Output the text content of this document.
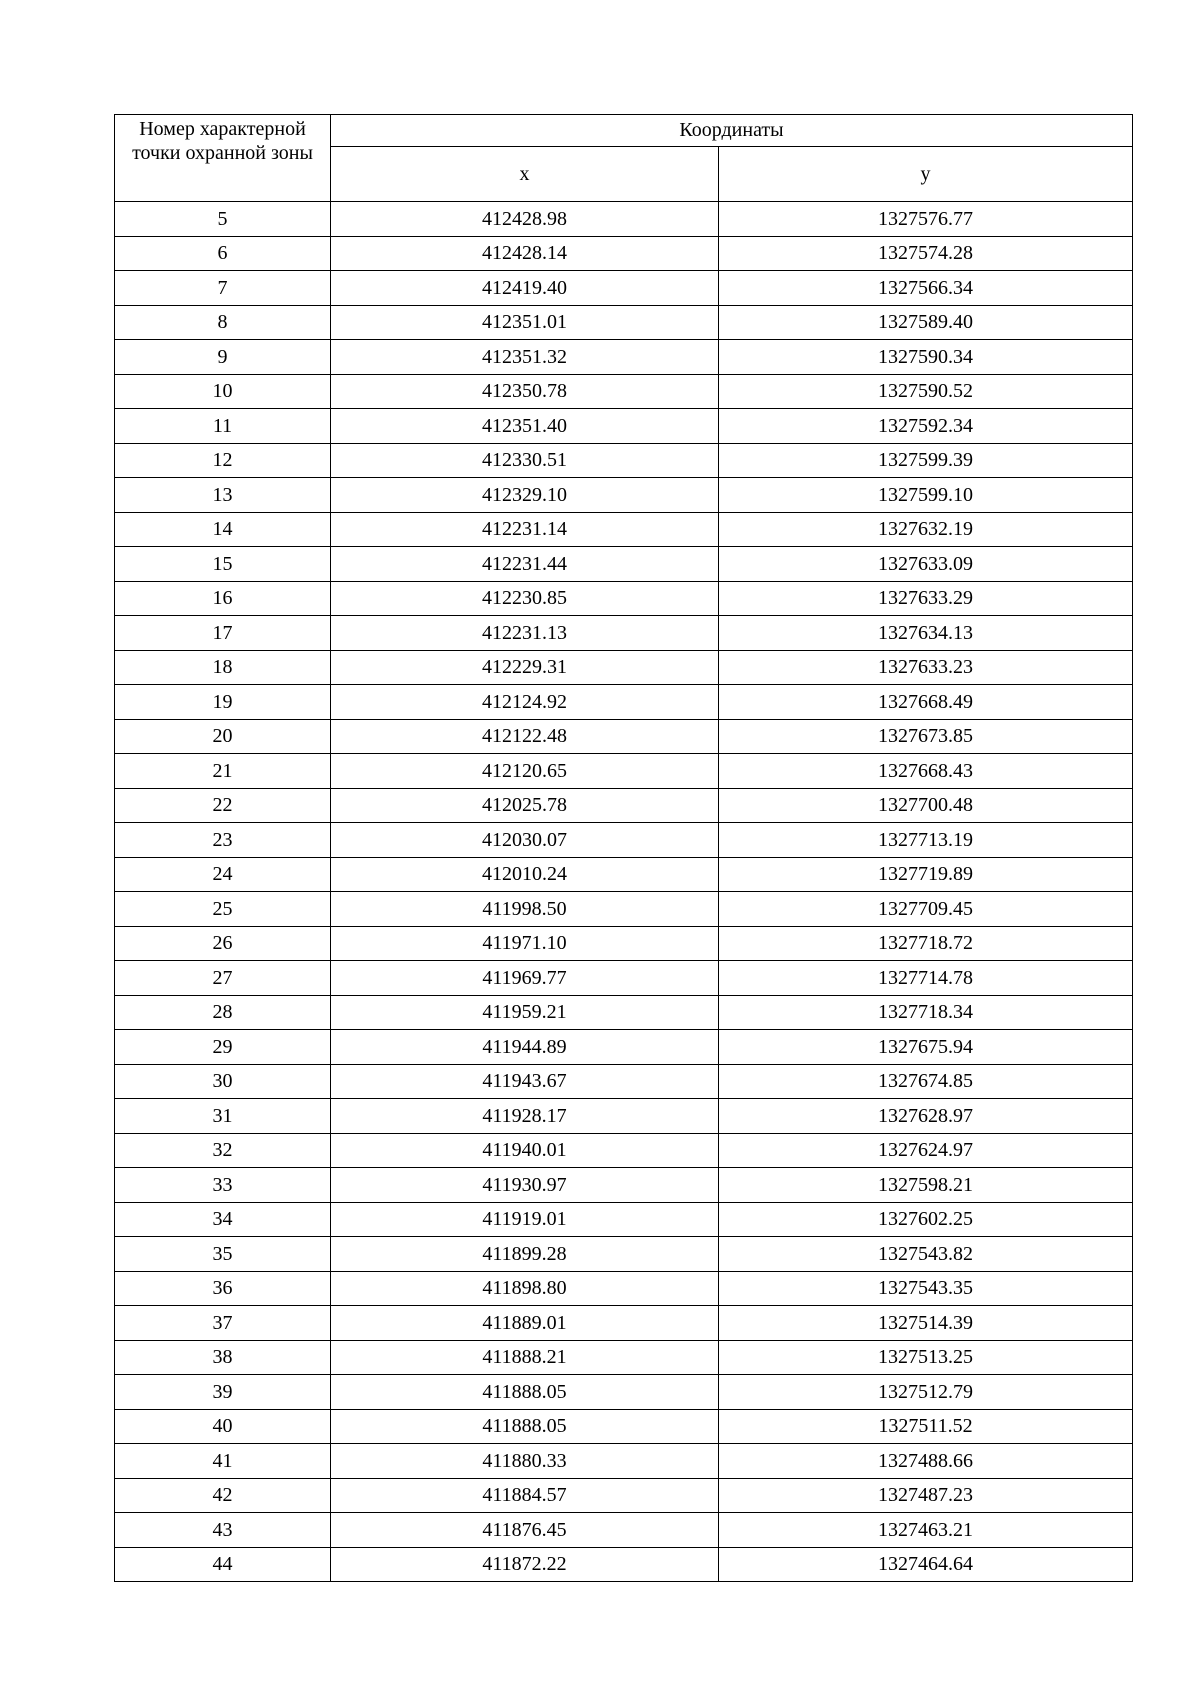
Номер характерной точки охранной зоны	Координаты	
	x	y
5	412428.98	1327576.77
6	412428.14	1327574.28
7	412419.40	1327566.34
8	412351.01	1327589.40
9	412351.32	1327590.34
10	412350.78	1327590.52
11	412351.40	1327592.34
12	412330.51	1327599.39
13	412329.10	1327599.10
14	412231.14	1327632.19
15	412231.44	1327633.09
16	412230.85	1327633.29
17	412231.13	1327634.13
18	412229.31	1327633.23
19	412124.92	1327668.49
20	412122.48	1327673.85
21	412120.65	1327668.43
22	412025.78	1327700.48
23	412030.07	1327713.19
24	412010.24	1327719.89
25	411998.50	1327709.45
26	411971.10	1327718.72
27	411969.77	1327714.78
28	411959.21	1327718.34
29	411944.89	1327675.94
30	411943.67	1327674.85
31	411928.17	1327628.97
32	411940.01	1327624.97
33	411930.97	1327598.21
34	411919.01	1327602.25
35	411899.28	1327543.82
36	411898.80	1327543.35
37	411889.01	1327514.39
38	411888.21	1327513.25
39	411888.05	1327512.79
40	411888.05	1327511.52
41	411880.33	1327488.66
42	411884.57	1327487.23
43	411876.45	1327463.21
44	411872.22	1327464.64
